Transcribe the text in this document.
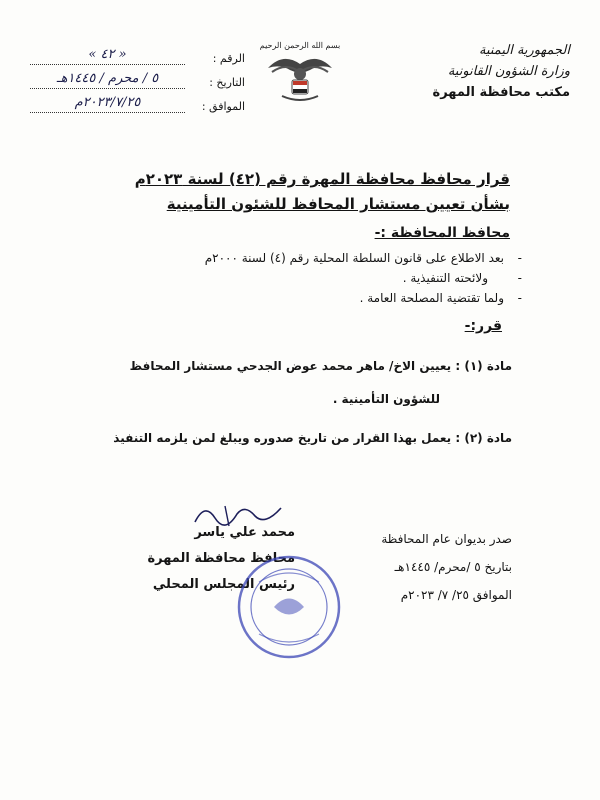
الجمهورية اليمنية
وزارة الشؤون القانونية
مكتب محافظة المهرة
بسم الله الرحمن الرحيم
الرقم :
« ٤٢ »
التاريخ :
٥ / محرم / ١٤٤٥هـ
الموافق :
٢٠٢٣/٧/٢٥م
قرار محافظ محافظة المهرة رقم (٤٢) لسنة ٢٠٢٣م
بشأن تعيين مستشار المحافظ للشئون التأمينية
محافظ المحافظة :-
- بعد الاطلاع على قانون السلطة المحلية رقم (٤) لسنة ٢٠٠٠م
- ولائحته التنفيذية .
- ولما تقتضية المصلحة العامة .
قرر:-
مادة (١) : يعيين الاخ/ ماهر محمد عوض الجدحي مستشار المحافظ
للشؤون التأمينية .
مادة (٢) : يعمل بهذا القرار من تاريخ صدوره ويبلغ لمن يلزمه التنفيذ
صدر بديوان عام المحافظة
بتاريخ ٥ /محرم/ ١٤٤٥هـ
الموافق ٢٥/ ٧/ ٢٠٢٣م
محمد علي ياسر
محافظ محافظة المهرة
رئيس المجلس المحلي
